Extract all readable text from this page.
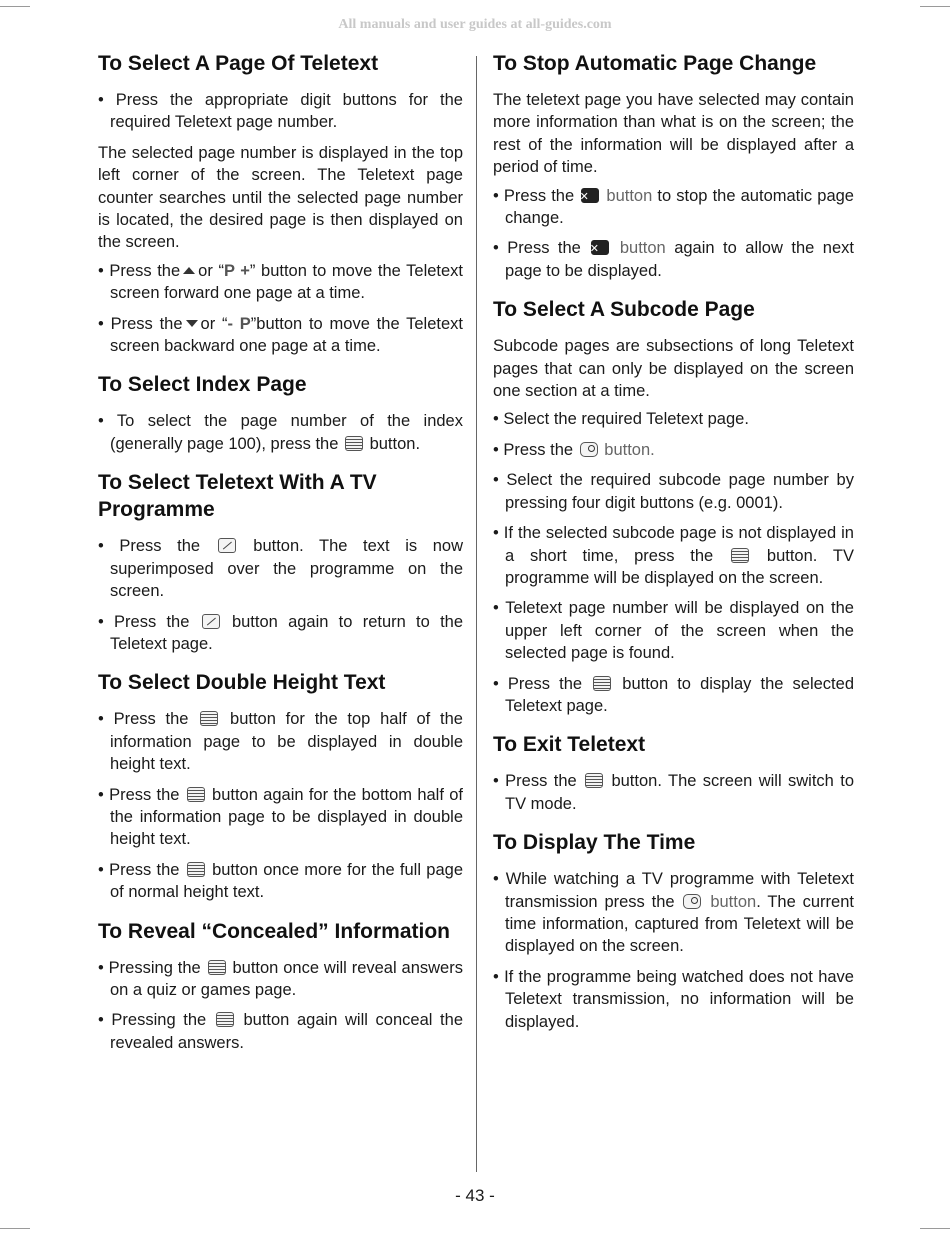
All manuals and user guides at all-guides.com
To Select A Page Of Teletext
• Press the appropriate digit buttons for the required Teletext page number.

The selected page number is displayed in the top left corner of the screen. The Teletext page counter searches until the selected page number is located, the desired page is then displayed on the screen.

• Press the or “P +” button to move the Teletext screen forward one page at a time.
• Press the or “- P”button to move the Teletext screen backward one page at a time.
To Select Index Page
• To select the page number of the index (generally page 100), press the button.
To Select Teletext With A TV Programme
• Press the	button. The text is now superimposed over the programme on the screen.
• Press the	button again to return to the Teletext page.
To Select Double Height Text
• Press the	button for the top half of the information page to be displayed in double height text.
• Press the button again for the bottom half of the information page to be displayed in double height text.
• Press the button once more for the full page of normal height text.
To Reveal “Concealed” Information
• Pressing the button once will reveal answers on a quiz or games page.
• Pressing the button again will conceal the revealed answers.
To Stop Automatic Page Change

The teletext page you have selected may contain more information than what is on the screen; the rest of the information will be displayed after a period of time.

• Press the ✕ button to stop the automatic page change.
• Press the ✕ button again to allow the next page to be displayed.
To Select A Subcode Page

Subcode pages are subsections of long Teletext pages that can only be displayed on the screen one section at a time.

• Select the required Teletext page.
• Press the button.
• Select the required subcode page number by pressing four digit buttons (e.g. 0001).
• If the selected subcode page is not displayed in a short time, press the	button. TV programme will be displayed on the screen.
• Teletext page number will be displayed on the upper left corner of the screen when the selected page is found.
• Press the button to display the selected Teletext page.
To Exit Teletext
• Press the button. The screen will switch to TV mode.
To Display The Time
• While watching a TV programme with Teletext transmission press the button. The current time information, captured from Teletext will be displayed on the screen.
• If the programme being watched does not have Teletext transmission, no information will be displayed.
- 43 -
